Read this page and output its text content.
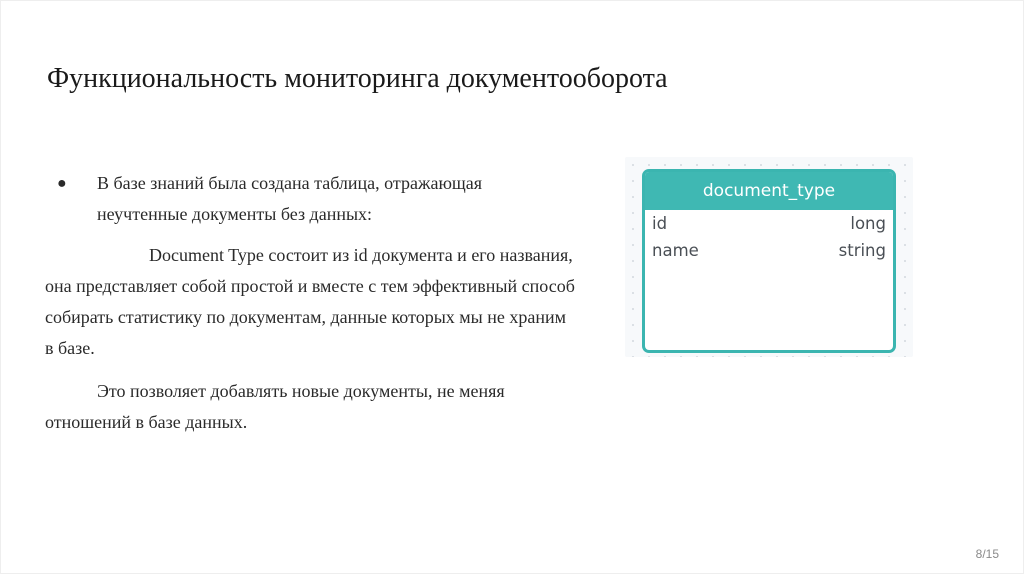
Функциональность мониторинга документооборота

● В базе знаний была создана таблица, отражающая неучтенные документы без данных:

Document Type состоит из id документа и его названия, она представляет собой простой и вместе с тем эффективный способ собирать статистику по документам, данные которых мы не храним в базе.

Это позволяет добавлять новые документы, не меняя отношений в базе данных.

document_type
id	long
name	string
8/15
